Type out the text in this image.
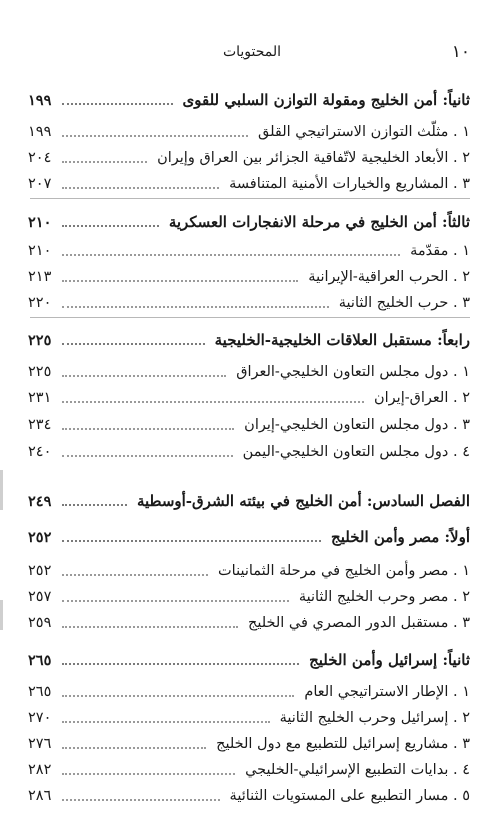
١٠
المحتويات
ثانياً: أمن الخليج ومقولة التوازن السلبي للقوى
١٩٩
١ . مثلّث التوازن الاستراتيجي القلق
١٩٩
٢ . الأبعاد الخليجية لاتّفاقية الجزائر بين العراق وإيران
٢٠٤
٣ . المشاريع والخيارات الأمنية المتنافسة
٢٠٧
ثالثاً: أمن الخليج في مرحلة الانفجارات العسكرية
٢١٠
١ . مقدّمة
٢١٠
٢ . الحرب العراقية-الإيرانية
٢١٣
٣ . حرب الخليج الثانية
٢٢٠
رابعاً: مستقبل العلاقات الخليجية-الخليجية
٢٢٥
١ . دول مجلس التعاون الخليجي-العراق
٢٢٥
٢ . العراق-إيران
٢٣١
٣ . دول مجلس التعاون الخليجي-إيران
٢٣٤
٤ . دول مجلس التعاون الخليجي-اليمن
٢٤٠
الفصل السادس: أمن الخليج في بيئته الشرق-أوسطية
٢٤٩
أولاً: مصر وأمن الخليج
٢٥٢
١ . مصر وأمن الخليج في مرحلة الثمانينات
٢٥٢
٢ . مصر وحرب الخليج الثانية
٢٥٧
٣ . مستقبل الدور المصري في الخليج
٢٥٩
ثانياً: إسرائيل وأمن الخليج
٢٦٥
١ . الإطار الاستراتيجي العام
٢٦٥
٢ . إسرائيل وحرب الخليج الثانية
٢٧٠
٣ . مشاريع إسرائيل للتطبيع مع دول الخليج
٢٧٦
٤ . بدايات التطبيع الإسرائيلي-الخليجي
٢٨٢
٥ . مسار التطبيع على المستويات الثنائية
٢٨٦
